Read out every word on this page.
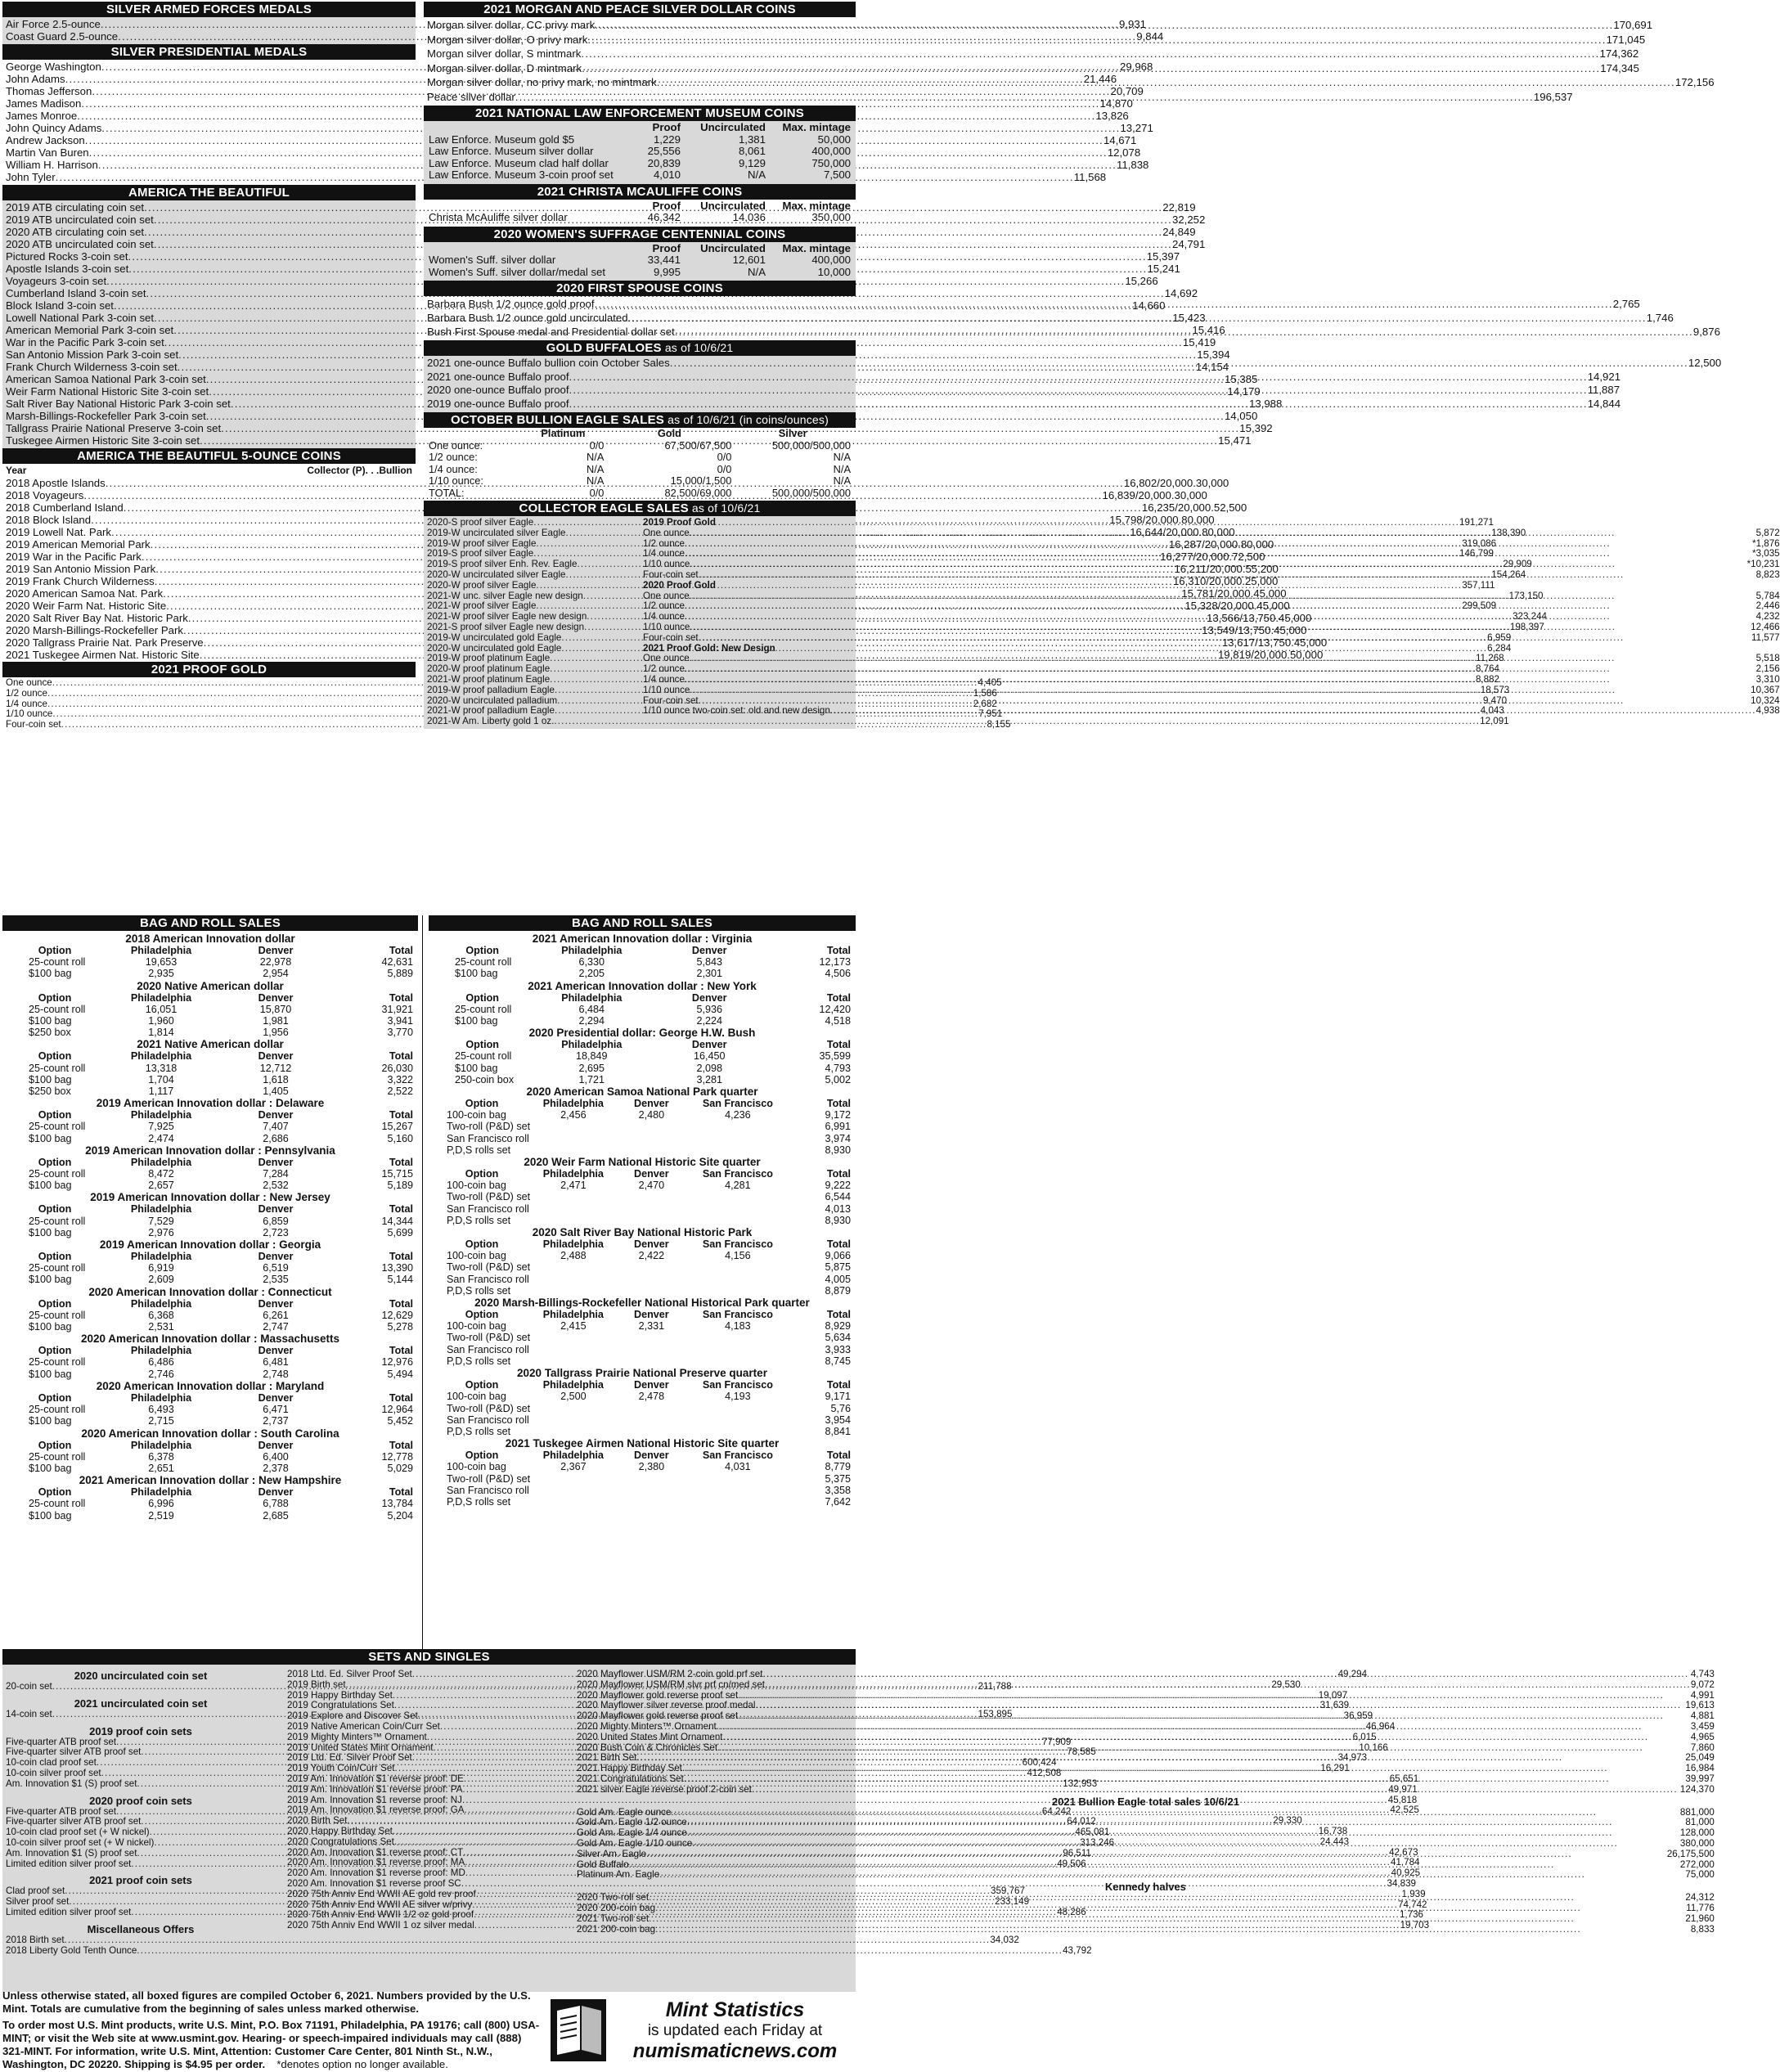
SILVER ARMED FORCES MEDALS
Air Force 2.5-ounce .....	9,931
Coast Guard 2.5-ounce .....	9,844
SILVER PRESIDENTIAL MEDALS
George Washington .....	29,968
John Adams .....	21,446
Thomas Jefferson .....	20,709
James Madison .....	14,870
James Monroe .....	13,826
John Quincy Adams .....	13,271
Andrew Jackson .....	14,671
Martin Van Buren .....	12,078
William H. Harrison .....	11,838
John Tyler .....	11,568
AMERICA THE BEAUTIFUL
2019 ATB circulating coin set .....	22,819
2019 ATB uncirculated coin set .....	32,252
2020 ATB circulating coin set .....	24,849
2020 ATB uncirculated coin set .....	24,791
Pictured Rocks 3-coin set .....	15,397
Apostle Islands 3-coin set .....	15,241
Voyageurs 3-coin set .....	15,266
Cumberland Island 3-coin set .....	14,692
Block Island 3-coin set .....	14,660
Lowell National Park 3-coin set .....	15,423
American Memorial Park 3-coin set .....	15,416
War in the Pacific Park 3-coin set .....	15,419
San Antonio Mission Park 3-coin set .....	15,394
Frank Church Wilderness 3-coin set .....	14,154
American Samoa National Park 3-coin set .....	15,385
Weir Farm National Historic Site 3-coin set .....	14,179
Salt River Bay National Historic Park 3-coin set .....	13,988
Marsh-Billings-Rockefeller Park 3-coin set .....	14,050
Tallgrass Prairie National Preserve 3-coin set .....	15,392
Tuskegee Airmen Historic Site 3-coin set .....	15,471
AMERICA THE BEAUTIFUL 5-OUNCE COINS
Year	Collector (P) . . . Bullion
2018 Apostle Islands .....	16,802/20,000 .30,000
2018 Voyageurs .....	16,839/20,000 .30,000
2018 Cumberland Island .....	16,235/20,000 .52,500
2018 Block Island .....	15,798/20,000 .80,000
2019 Lowell Nat. Park .....	16,644/20,000 .80,000
2019 American Memorial Park .....	16,287/20,000 .80,000
2019 War in the Pacific Park .....	16,277/20,000 .72,500
2019 San Antonio Mission Park .....	16,211/20,000 .55,200
2019 Frank Church Wilderness .....	16,310/20,000 .25,000
2020 American Samoa Nat. Park .....	15,781/20,000 .45,000
2020 Weir Farm Nat. Historic Site .....	15,328/20,000 .45,000
2020 Salt River Bay Nat. Historic Park .....	13,566/13,750 .45,000
2020 Marsh-Billings-Rockefeller Park .....	13,549/13,750 .45,000
2020 Tallgrass Prairie Nat. Park Preserve .....	13,617/13,750 .45,000
2021 Tuskegee Airmen Nat. Historic Site .....	19,819/20,000 .50,000
2021 PROOF GOLD
One ounce .....	4,405
1/2 ounce .....	1,586
1/4 ounce .....	2,682
1/10 ounce .....	7,951
Four-coin set .....	8,155
2021 MORGAN AND PEACE SILVER DOLLAR COINS
Morgan silver dollar, CC privy mark .....	170,691
Morgan silver dollar, O privy mark .....	171,045
Morgan silver dollar, S mintmark .....	174,362
Morgan silver dollar, D mintmark .....	174,345
Morgan silver dollar, no privy mark, no mintmark .....	172,156
Peace silver dollar .....	196,537
2021 NATIONAL LAW ENFORCEMENT MUSEUM COINS
	Proof	Uncirculated	Max. mintage
Law Enforce. Museum gold $5	1,229	1,381	50,000
Law Enforce. Museum silver dollar	25,556	8,061	400,000
Law Enforce. Museum clad half dollar	20,839	9,129	750,000
Law Enforce. Museum 3-coin proof set	4,010	N/A	7,500
2021 CHRISTA MCAULIFFE COINS
	Proof	Uncirculated	Max. mintage
Christa McAuliffe silver dollar	46,342	14,036	350,000
2020 WOMEN'S SUFFRAGE CENTENNIAL COINS
	Proof	Uncirculated	Max. mintage
Women's Suff. silver dollar	33,441	12,601	400,000
Women's Suff. silver dollar/medal set	9,995	N/A	10,000
2020 FIRST SPOUSE COINS
Barbara Bush 1/2 ounce gold proof .....	2,765
Barbara Bush 1/2 ounce gold uncirculated .....	1,746
Bush First Spouse medal and Presidential dollar set .....	9,876
GOLD BUFFALOES as of 10/6/21
2021 one-ounce Buffalo bullion coin October Sales .....	12,500
2021 one-ounce Buffalo proof .....	14,921
2020 one-ounce Buffalo proof .....	11,887
2019 one-ounce Buffalo proof .....	14,844
OCTOBER BULLION EAGLE SALES as of 10/6/21 (in coins/ounces)
	Platinum	Gold	Silver
One ounce:	0/0	67,500/67,500	500,000/500,000
1/2 ounce:	N/A	0/0	N/A
1/4 ounce:	N/A	0/0	N/A
1/10 ounce:	N/A	15,000/1,500	N/A
TOTAL:	0/0	82,500/69,000	500,000/500,000
COLLECTOR EAGLE SALES as of 10/6/21
2020-S proof silver Eagle .....	191,271
2019-W uncirculated silver Eagle .....	138,390
2019-W proof silver Eagle .....	319,086
2019-S proof silver Eagle .....	146,799
2019-S proof silver Enh. Rev. Eagle .....	29,909
2020-W uncirculated silver Eagle .....	154,264
2020-W proof silver Eagle .....	357,111
2021-W unc. silver Eagle new design .....	173,150
2021-W proof silver Eagle .....	299,509
2021-W proof silver Eagle new design .....	323,244
2021-S proof silver Eagle new design .....	198,397
2019-W uncirculated gold Eagle .....	6,959
2020-W uncirculated gold Eagle .....	6,284
2019-W proof platinum Eagle .....	11,268
2020-W proof platinum Eagle .....	8,764
2021-W proof platinum Eagle .....	8,882
2019-W proof palladium Eagle .....	18,573
2020-W uncirculated palladium .....	9,470
2021-W proof palladium Eagle .....	4,043
2021-W Am. Liberty gold 1 oz. .....	12,091
2019 Proof Gold
One ounce .....	5,872
1/2 ounce .....	*1,876
1/4 ounce .....	*3,035
1/10 ounce .....	*10,231
Four-coin set .....	8,823
2020 Proof Gold
One ounce .....	5,784
1/2 ounce .....	2,446
1/4 ounce .....	4,232
1/10 ounce .....	12,466
Four-coin set .....	11,577
2021 Proof Gold: New Design
One ounce .....	5,518
1/2 ounce .....	2,156
1/4 ounce .....	3,310
1/10 ounce .....	10,367
Four-coin set .....	10,324
1/10 ounce two-coin set: old and new design .....	4,938
BAG AND ROLL SALES
2018 American Innovation dollar
Option	Philadelphia	Denver	Total
25-count roll	19,653	22,978	42,631
$100 bag	2,935	2,954	5,889
2020 Native American dollar
Option	Philadelphia	Denver	Total
25-count roll	16,051	15,870	31,921
$100 bag	1,960	1,981	3,941
$250 box	1,814	1,956	3,770
2021 Native American dollar
Option	Philadelphia	Denver	Total
25-count roll	13,318	12,712	26,030
$100 bag	1,704	1,618	3,322
$250 box	1,117	1,405	2,522
2019 American Innovation dollar : Delaware
Option	Philadelphia	Denver	Total
25-count roll	7,925	7,407	15,267
$100 bag	2,474	2,686	5,160
2019 American Innovation dollar : Pennsylvania
Option	Philadelphia	Denver	Total
25-count roll	8,472	7,284	15,715
$100 bag	2,657	2,532	5,189
2019 American Innovation dollar : New Jersey
Option	Philadelphia	Denver	Total
25-count roll	7,529	6,859	14,344
$100 bag	2,976	2,723	5,699
2019 American Innovation dollar : Georgia
Option	Philadelphia	Denver	Total
25-count roll	6,919	6,519	13,390
$100 bag	2,609	2,535	5,144
2020 American Innovation dollar : Connecticut
Option	Philadelphia	Denver	Total
25-count roll	6,368	6,261	12,629
$100 bag	2,531	2,747	5,278
2020 American Innovation dollar : Massachusetts
Option	Philadelphia	Denver	Total
25-count roll	6,486	6,481	12,976
$100 bag	2,746	2,748	5,494
2020 American Innovation dollar : Maryland
Option	Philadelphia	Denver	Total
25-count roll	6,493	6,471	12,964
$100 bag	2,715	2,737	5,452
2020 American Innovation dollar : South Carolina
Option	Philadelphia	Denver	Total
25-count roll	6,378	6,400	12,778
$100 bag	2,651	2,378	5,029
2021 American Innovation dollar : New Hampshire
Option	Philadelphia	Denver	Total
25-count roll	6,996	6,788	13,784
$100 bag	2,519	2,685	5,204
BAG AND ROLL SALES
2021 American Innovation dollar : Virginia
Option	Philadelphia	Denver	Total
25-count roll	6,330	5,843	12,173
$100 bag	2,205	2,301	4,506
2021 American Innovation dollar : New York
Option	Philadelphia	Denver	Total
25-count roll	6,484	5,936	12,420
$100 bag	2,294	2,224	4,518
2020 Presidential dollar: George H.W. Bush
Option	Philadelphia	Denver	Total
25-count roll	18,849	16,450	35,599
$100 bag	2,695	2,098	4,793
250-coin box	1,721	3,281	5,002
2020 American Samoa National Park quarter
Option	Philadelphia	Denver	San Francisco	Total
100-coin bag	2,456	2,480	4,236	9,172
Two-roll (P&D) set				6,991
San Francisco roll				3,974
P,D,S rolls set				8,930
2020 Weir Farm National Historic Site quarter
Option	Philadelphia	Denver	San Francisco	Total
100-coin bag	2,471	2,470	4,281	9,222
Two-roll (P&D) set				6,544
San Francisco roll				4,013
P,D,S rolls set				8,930
2020 Salt River Bay National Historic Park
Option	Philadelphia	Denver	San Francisco	Total
100-coin bag	2,488	2,422	4,156	9,066
Two-roll (P&D) set				5,875
San Francisco roll				4,005
P,D,S rolls set				8,879
2020 Marsh-Billings-Rockefeller National Historical Park quarter
Option	Philadelphia	Denver	San Francisco	Total
100-coin bag	2,415	2,331	4,183	8,929
Two-roll (P&D) set				5,634
San Francisco roll				3,933
P,D,S rolls set				8,745
2020 Tallgrass Prairie National Preserve quarter
Option	Philadelphia	Denver	San Francisco	Total
100-coin bag	2,500	2,478	4,193	9,171
Two-roll (P&D) set				5,76
San Francisco roll				3,954
P,D,S rolls set				8,841
2021 Tuskegee Airmen National Historic Site quarter
Option	Philadelphia	Denver	San Francisco	Total
100-coin bag	2,367	2,380	4,031	8,779
Two-roll (P&D) set				5,375
San Francisco roll				3,358
P,D,S rolls set				7,642
SETS AND SINGLES
2020 uncirculated coin set
20-coin set .....	211,788
2021 uncirculated coin set
14-coin set .....	153,895
2019 proof coin sets
Five-quarter ATB proof set .....	77,909
Five-quarter silver ATB proof set .....	78,585
10-coin clad proof set .....	600,424
10-coin silver proof set .....	412,508
Am. Innovation $1 (S) proof set .....	132,953
2020 proof coin sets
Five-quarter ATB proof set .....	64,242
Five-quarter silver ATB proof set .....	64,012
10-coin clad proof set (+ W nickel) .....	465,081
10-coin silver proof set (+ W nickel) .....	313,246
Am. Innovation $1 (S) proof set .....	96,511
Limited edition silver proof set .....	49,506
2021 proof coin sets
Clad proof set .....	359,767
Silver proof set .....	233,149
Limited edition silver proof set .....	48,286
Miscellaneous Offers
2018 Birth set .....	34,032
2018 Liberty Gold Tenth Ounce .....	43,792
2018 Ltd. Ed. Silver Proof Set .....	49,294
2019 Birth set .....	29,530
2019 Happy Birthday Set .....	19,097
2019 Congratulations Set .....	31,639
2019 Explore and Discover Set .....	36,959
2019 Native American Coin/Curr Set .....	46,964
2019 Mighty Minters™ Ornament .....	6,015
2019 United States Mint Ornament .....	10,166
2019 Ltd. Ed. Silver Proof Set .....	34,973
2019 Youth Coin/Curr Set .....	16,291
2019 Am. Innovation $1 reverse proof: DE .....	65,651
2019 Am. Innovation $1 reverse proof: PA .....	49,971
2019 Am. Innovation $1 reverse proof: NJ .....	45,818
2019 Am. Innovation $1 reverse proof: GA .....	42,525
2020 Birth Set .....	29,330
2020 Happy Birthday Set .....	16,738
2020 Congratulations Set .....	24,443
2020 Am. Innovation $1 reverse proof: CT .....	42,673
2020 Am. Innovation $1 reverse proof: MA .....	41,784
2020 Am. Innovation $1 reverse proof: MD .....	40,925
2020 Am. Innovation $1 reverse proof SC .....	34,839
2020 75th Anniv End WWII AE gold rev proof .....	1,939
2020 75th Anniv End WWII AE silver w/privy .....	74,742
2020 75th Anniv End WWII 1/2 oz gold proof .....	1,736
2020 75th Anniv End WWII 1 oz silver medal .....	19,703
2020 Mayflower USM/RM 2-coin gold prf set .....	4,743
2020 Mayflower USM/RM slvr prf cn/med set .....	9,072
2020 Mayflower gold reverse proof set .....	4,991
2020 Mayflower silver reverse proof medal .....	19,613
2020 Mayflower gold reverse proof set .....	4,881
2020 Mighty Minters™ Ornament .....	3,459
2020 United States Mint Ornament .....	4,965
2020 Bush Coin & Chronicles Set .....	7,860
2021 Birth Set .....	25,049
2021 Happy Birthday Set .....	16,984
2021 Congratulations Set .....	39,997
2021 silver Eagle reverse proof 2-coin set .....	124,370
2021 Bullion Eagle total sales 10/6/21
Gold Am. Eagle ounce .....	881,000
Gold Am. Eagle 1/2 ounce .....	81,000
Gold Am. Eagle 1/4 ounce .....	128,000
Gold Am. Eagle 1/10 ounce .....	380,000
Silver Am. Eagle .....	26,175,500
Gold Buffalo .....	272,000
Platinum Am. Eagle .....	75,000
Kennedy halves
2020 Two-roll set .....	24,312
2020 200-coin bag .....	11,776
2021 Two-roll set .....	21,960
2021 200-coin bag .....	8,833
Unless otherwise stated, all boxed figures are compiled October 6, 2021. Numbers provided by the U.S. Mint. Totals are cumulative from the beginning of sales unless marked otherwise.
To order most U.S. Mint products, write U.S. Mint, P.O. Box 71191, Philadelphia, PA 19176; call (800) USA-MINT; or visit the Web site at www.usmint.gov. Hearing- or speech-impaired individuals may call (888) 321-MINT. For information, write U.S. Mint, Attention: Customer Care Center, 801 Ninth St., N.W., Washington, DC 20220. Shipping is $4.95 per order. *denotes option no longer available.
Mint Statistics
is updated each Friday at
numismaticnews.com
